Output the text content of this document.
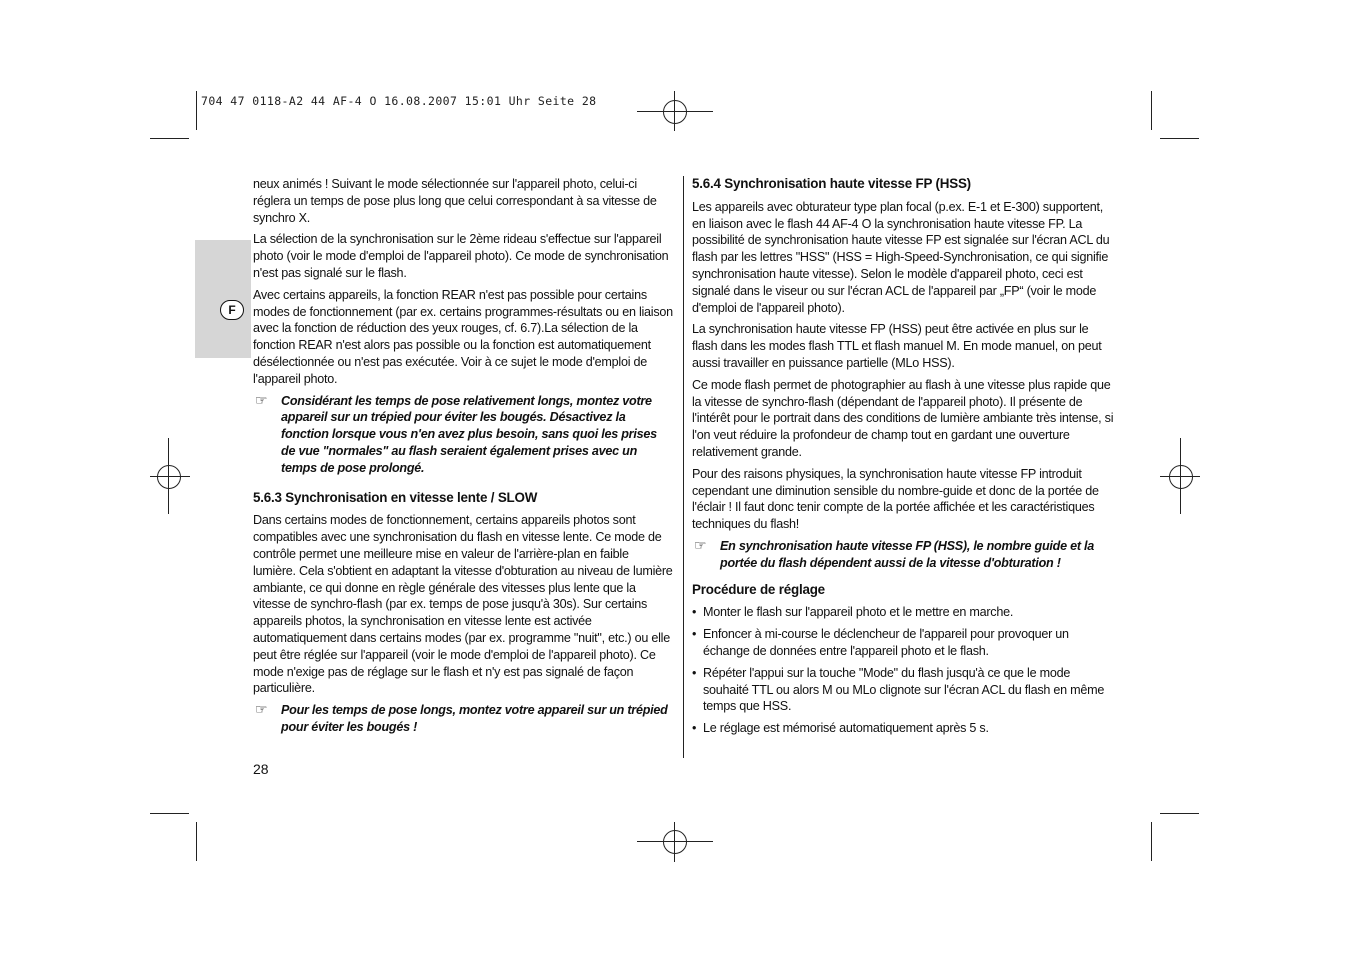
704 47 0118-A2 44 AF-4 O 16.08.2007 15:01 Uhr Seite 28
F

neux animés ! Suivant le mode sélectionnée sur l'appareil photo, celui-ci réglera un temps de pose plus long que celui correspondant à sa vitesse de synchro X.

La sélection de la synchronisation sur le 2ème rideau s'effectue sur l'appareil photo (voir le mode d'emploi de l'appareil photo). Ce mode de synchronisation n'est pas signalé sur le flash.

Avec certains appareils, la fonction REAR n'est pas possible pour certains modes de fonctionnement (par ex. certains programmes-résultats ou en liaison avec la fonction de réduction des yeux rouges, cf. 6.7).La sélection de la fonction REAR n'est alors pas possible ou la fonction est automatiquement désélectionnée ou n'est pas exécutée. Voir à ce sujet le mode d'emploi de l'appareil photo.

☞ Considérant les temps de pose relativement longs, montez votre appareil sur un trépied pour éviter les bougés. Désactivez la fonction lorsque vous n'en avez plus besoin, sans quoi les prises de vue "normales" au flash seraient également prises avec un temps de pose prolongé.
5.6.3 Synchronisation en vitesse lente / SLOW

Dans certains modes de fonctionnement, certains appareils photos sont compatibles avec une synchronisation du flash en vitesse lente. Ce mode de contrôle permet une meilleure mise en valeur de l'arrière-plan en faible lumière. Cela s'obtient en adaptant la vitesse d'obturation au niveau de lumière ambiante, ce qui donne en règle générale des vitesses plus lente que la vitesse de synchro-flash (par ex. temps de pose jusqu'à 30s). Sur certains appareils photos, la synchronisation en vitesse lente est activée automatiquement dans certains modes (par ex. programme "nuit", etc.) ou elle peut être réglée sur l'appareil (voir le mode d'emploi de l'appareil photo). Ce mode n'exige pas de réglage sur le flash et n'y est pas signalé de façon particulière.

☞ Pour les temps de pose longs, montez votre appareil sur un trépied pour éviter les bougés !
5.6.4 Synchronisation haute vitesse FP (HSS)

Les appareils avec obturateur type plan focal (p.ex. E-1 et E-300) supportent, en liaison avec le flash 44 AF-4 O la synchronisation haute vitesse FP. La possibilité de synchronisation haute vitesse FP est signalée sur l'écran ACL du flash par les lettres "HSS" (HSS = High-Speed-Synchronisation, ce qui signifie synchronisation haute vitesse). Selon le modèle d'appareil photo, ceci est signalé dans le viseur ou sur l'écran ACL de l'appareil par „FP“ (voir le mode d'emploi de l'appareil photo).

La synchronisation haute vitesse FP (HSS) peut être activée en plus sur le flash dans les modes flash TTL et flash manuel M. En mode manuel, on peut aussi travailler en puissance partielle (MLo HSS).

Ce mode flash permet de photographier au flash à une vitesse plus rapide que la vitesse de synchro-flash (dépendant de l'appareil photo). Il présente de l'intérêt pour le portrait dans des conditions de lumière ambiante très intense, si l'on veut réduire la profondeur de champ tout en gardant une ouverture relativement grande.

Pour des raisons physiques, la synchronisation haute vitesse FP introduit cependant une diminution sensible du nombre-guide et donc de la portée de l'éclair ! Il faut donc tenir compte de la portée affichée et les caractéristiques techniques du flash!

☞ En synchronisation haute vitesse FP (HSS), le nombre guide et la portée du flash dépendent aussi de la vitesse d'obturation !
Procédure de réglage
• Monter le flash sur l'appareil photo et le mettre en marche.
• Enfoncer à mi-course le déclencheur de l'appareil pour provoquer un échange de données entre l'appareil photo et le flash.
• Répéter l'appui sur la touche "Mode" du flash jusqu'à ce que le mode souhaité TTL ou alors M ou MLo clignote sur l'écran ACL du flash en même temps que HSS.
• Le réglage est mémorisé automatiquement après 5 s.
28
